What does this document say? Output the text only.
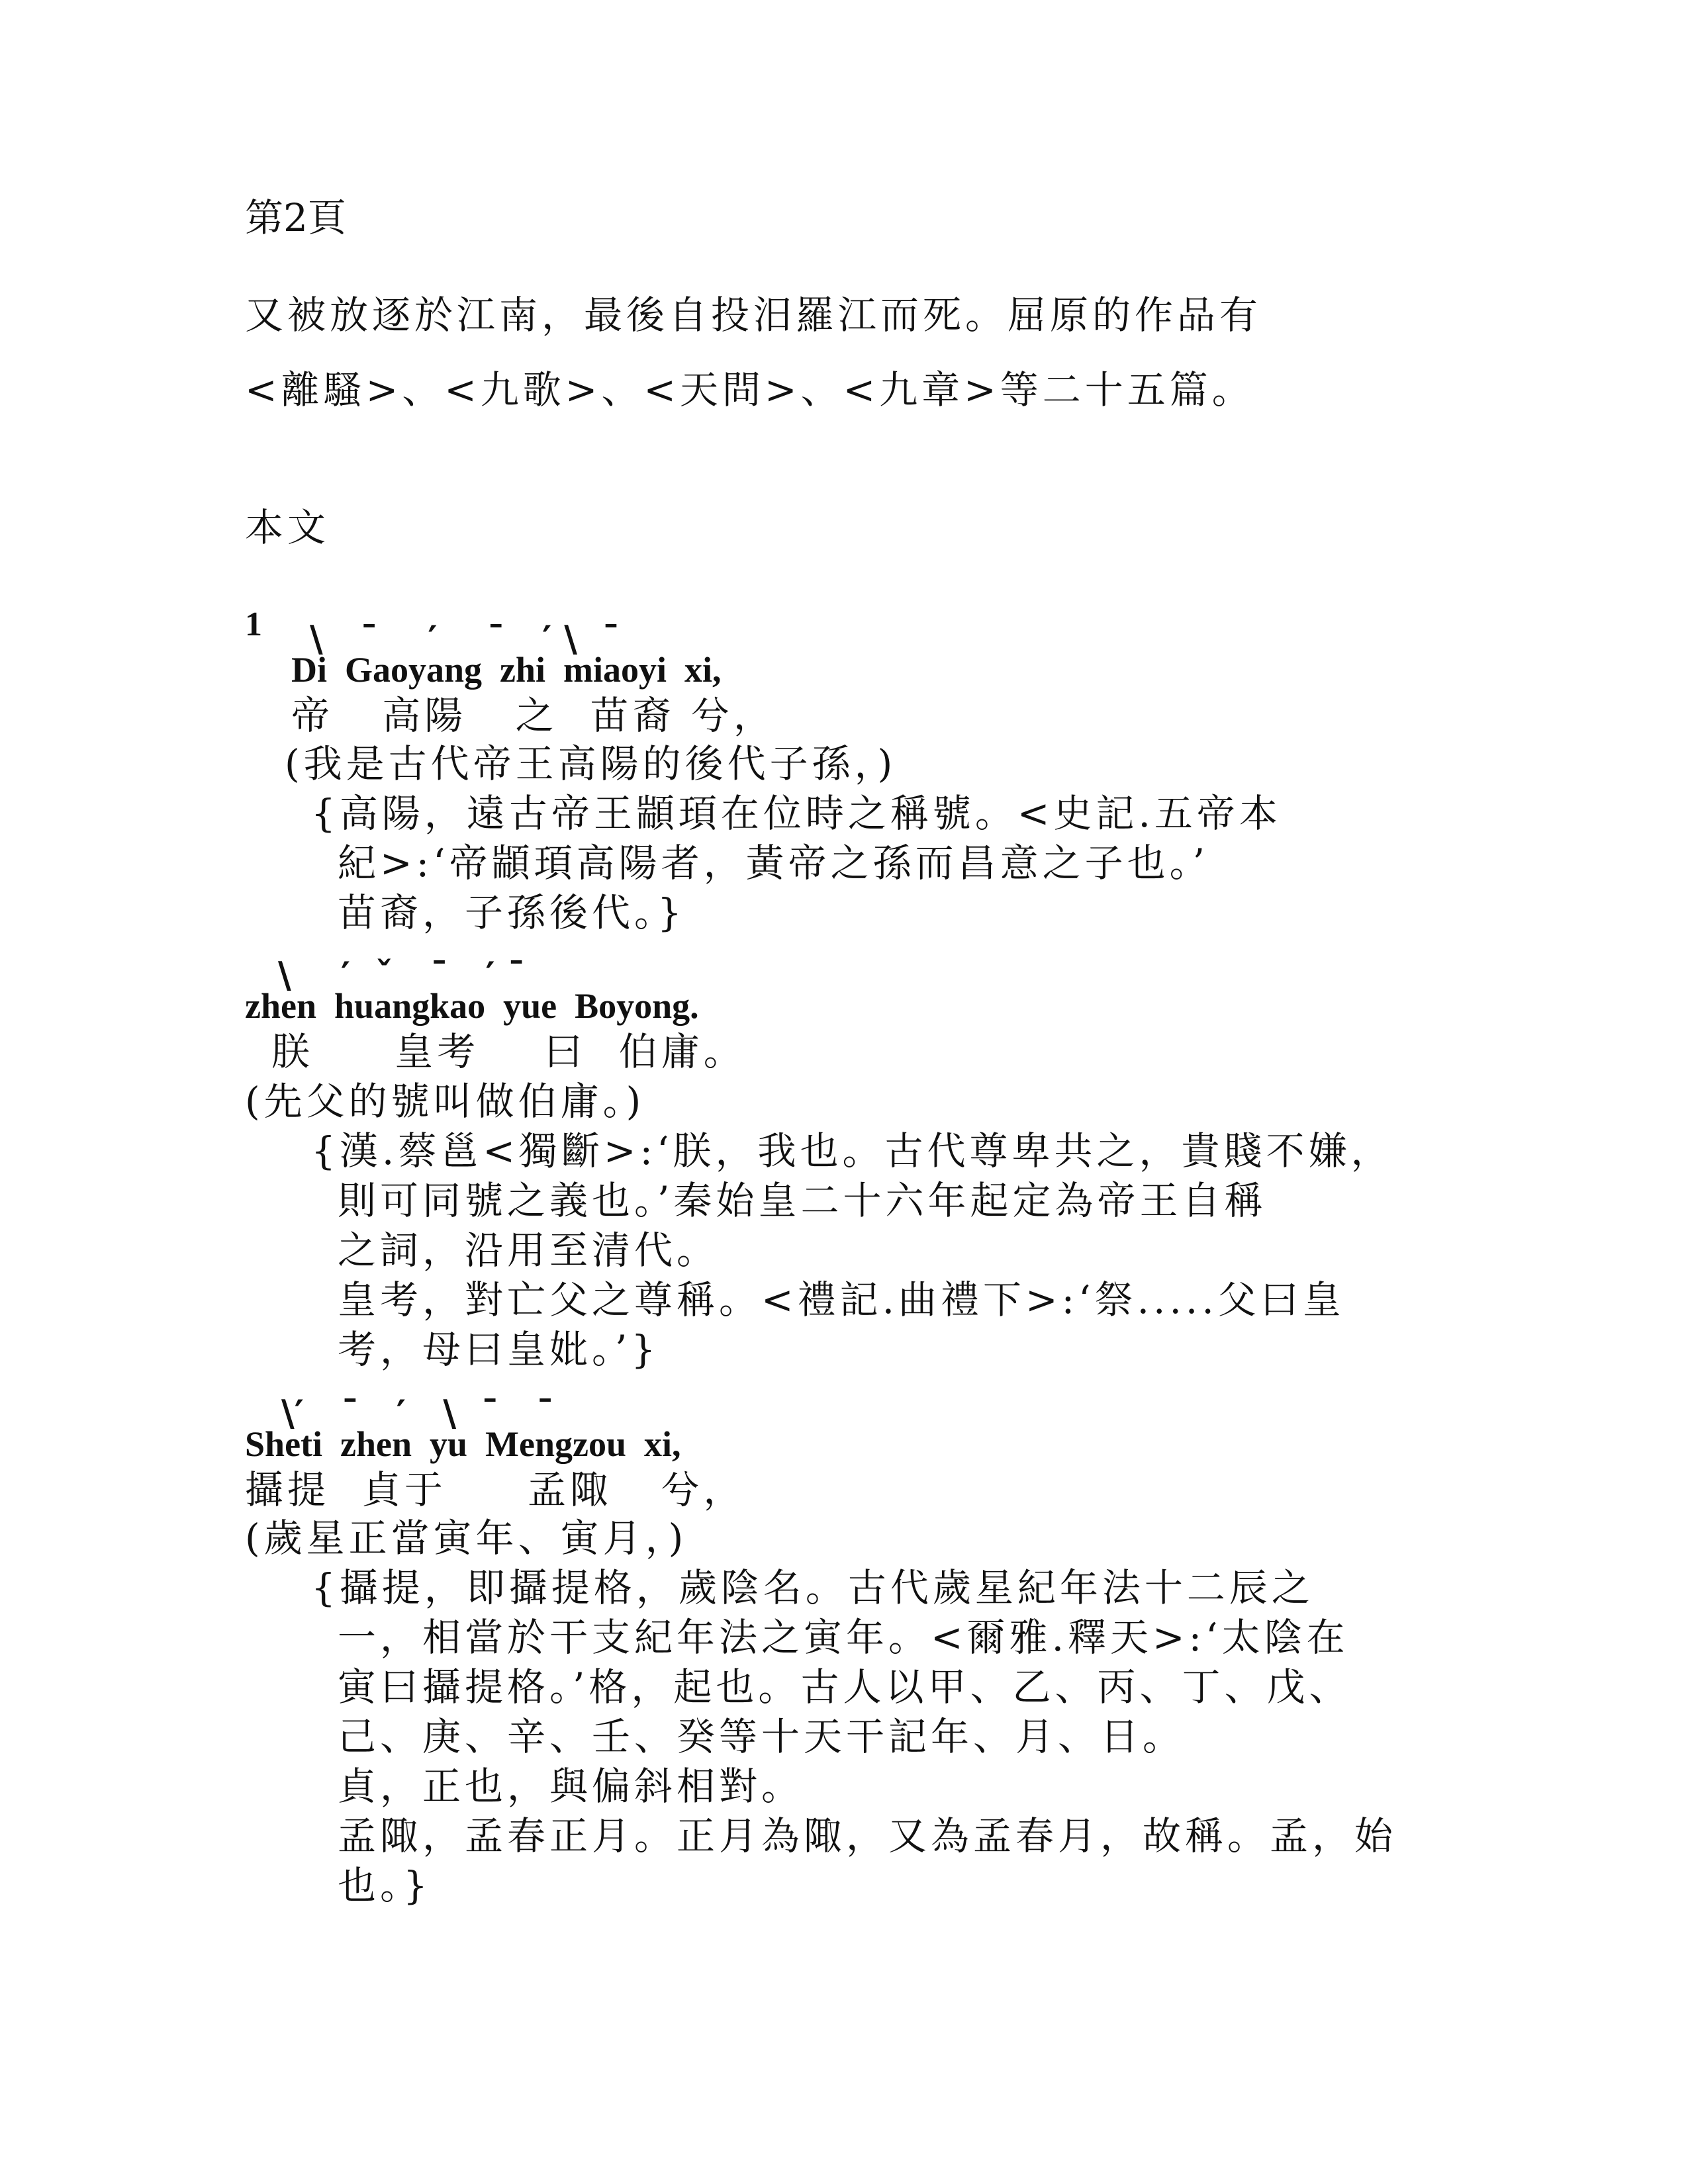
第2頁
又被放逐於江南，最後自投汨羅江而死。屈原的作品有
<離騷>、<九歌>、<天問>、<九章>等二十五篇。
本文
1 \   ¯    ′    ¯   ′ \  ¯
Di  Gaoyang  zhi  miaoyi  xi,
帝   高陽   之  苗裔 兮，
(我是古代帝王高陽的後代子孫，)
{高陽，遠古帝王顓頊在位時之稱號。<史記.五帝本
紀>:‘帝顓頊高陽者，黃帝之孫而昌意之子也。’
苗裔，子孫後代。}
\    ′  ˇ   ¯   ′ ¯
zhen  huangkao  yue  Boyong.
朕     皇考    曰  伯庸。
(先父的號叫做伯庸。)
{漢.蔡邕<獨斷>:‘朕，我也。古代尊卑共之，貴賤不嫌，
則可同號之義也。’秦始皇二十六年起定為帝王自稱
之詞，沿用至清代。
皇考，對亡父之尊稱。<禮記.曲禮下>:‘祭.....父曰皇
考，母曰皇妣。’}
\′   ¯   ′   \  ¯   ¯
Sheti  zhen  yu  Mengzou  xi,
攝提  貞于     孟陬   兮，
(歲星正當寅年、寅月，)
{攝提，即攝提格，歲陰名。古代歲星紀年法十二辰之
一，相當於干支紀年法之寅年。<爾雅.釋天>:‘太陰在
寅曰攝提格。’格，起也。古人以甲、乙、丙、丁、戊、
己、庚、辛、壬、癸等十天干記年、月、日。
貞，正也，與偏斜相對。
孟陬，孟春正月。正月為陬，又為孟春月，故稱。孟，始
也。}
